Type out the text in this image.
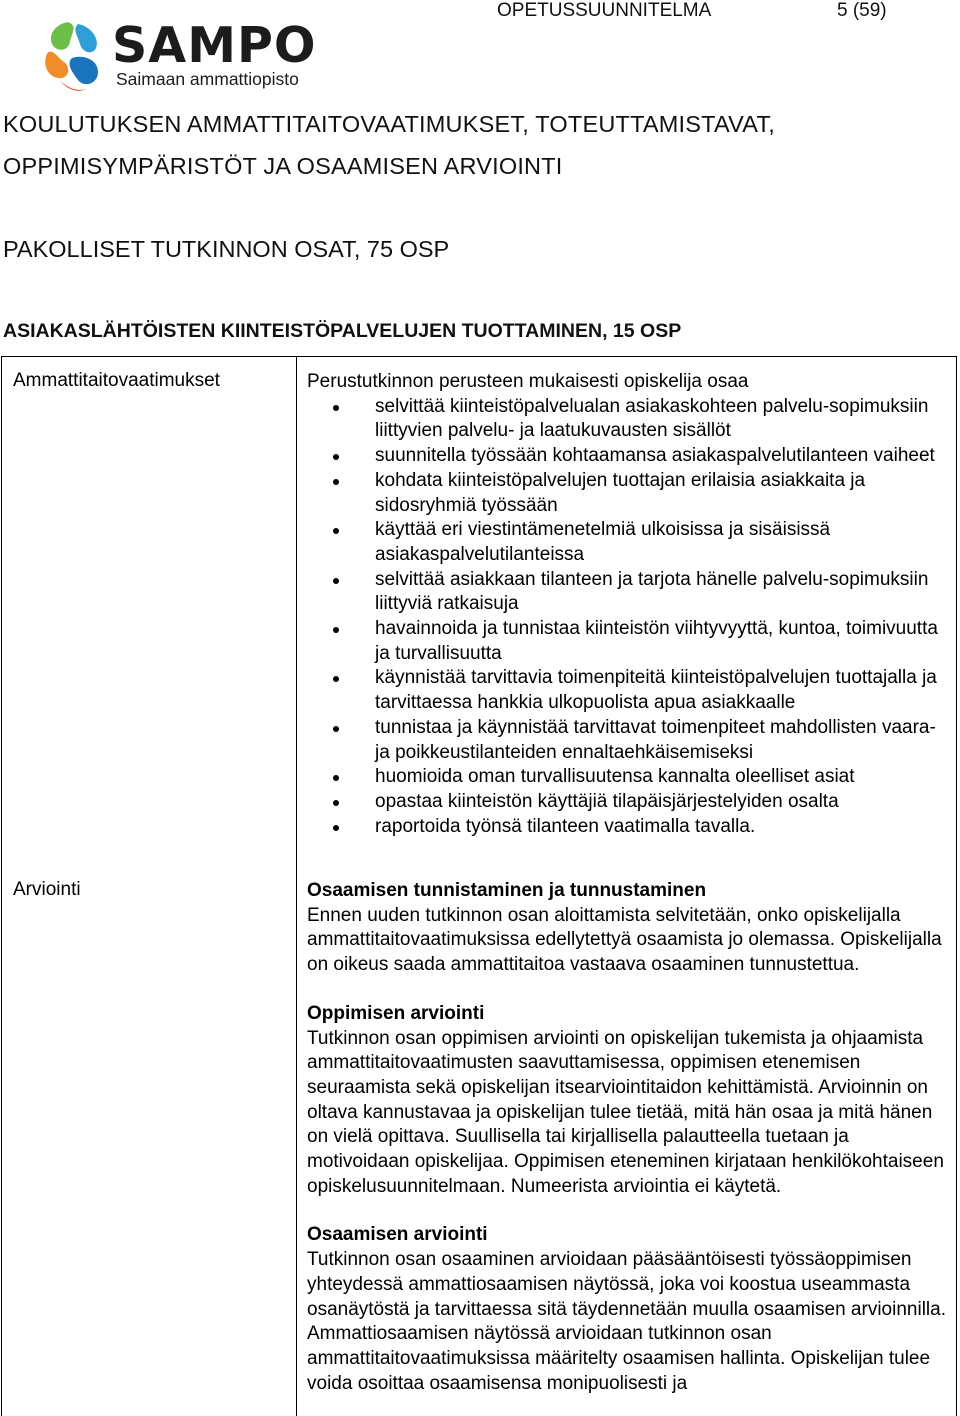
OPETUSSUUNNITELMA	5 (59)
SAMPO
Saimaan ammattiopisto
KOULUTUKSEN AMMATTITAITOVAATIMUKSET, TOTEUTTAMISTAVAT,
OPPIMISYMPÄRISTÖT JA OSAAMISEN ARVIOINTI
PAKOLLISET TUTKINNON OSAT, 75 OSP
ASIAKASLÄHTÖISTEN KIINTEISTÖPALVELUJEN TUOTTAMINEN, 15 OSP
Ammattitaitovaatimukset	Perustutkinnon perusteen mukaisesti opiskelija osaa

selvittää kiinteistöpalvelualan asiakaskohteen palvelu-sopimuksiin liittyvien palvelu- ja laatukuvausten sisällöt
suunnitella työssään kohtaamansa asiakaspalvelutilanteen vaiheet
kohdata kiinteistöpalvelujen tuottajan erilaisia asiakkaita ja sidosryhmiä työssään
käyttää eri viestintämenetelmiä ulkoisissa ja sisäisissä asiakaspalvelutilanteissa
selvittää asiakkaan tilanteen ja tarjota hänelle palvelu-sopimuksiin liittyviä ratkaisuja
havainnoida ja tunnistaa kiinteistön viihtyvyyttä, kuntoa, toimivuutta ja turvallisuutta
käynnistää tarvittavia toimenpiteitä kiinteistöpalvelujen tuottajalla ja tarvittaessa hankkia ulkopuolista apua asiakkaalle
tunnistaa ja käynnistää tarvittavat toimenpiteet mahdollisten vaara- ja poikkeustilanteiden ennaltaehkäisemiseksi
huomioida oman turvallisuutensa kannalta oleelliset asiat
opastaa kiinteistön käyttäjiä tilapäisjärjestelyiden osalta
raportoida työnsä tilanteen vaatimalla tavalla.
Arviointi	Osaamisen tunnistaminen ja tunnustaminen

Ennen uuden tutkinnon osan aloittamista selvitetään, onko opiskelijalla ammattitaitovaatimuksissa edellytettyä osaamista jo olemassa. Opiskelijalla on oikeus saada ammattitaitoa vastaava osaaminen tunnustettua.

Oppimisen arviointi

Tutkinnon osan oppimisen arviointi on opiskelijan tukemista ja ohjaamista ammattitaitovaatimusten saavuttamisessa, oppimisen etenemisen seuraamista sekä opiskelijan itsearviointitaidon kehittämistä. Arvioinnin on oltava kannustavaa ja opiskelijan tulee tietää, mitä hän osaa ja mitä hänen on vielä opittava. Suullisella tai kirjallisella palautteella tuetaan ja motivoidaan opiskelijaa. Oppimisen eteneminen kirjataan henkilökohtaiseen opiskelusuunnitelmaan. Numeerista arviointia ei käytetä.

Osaamisen arviointi

Tutkinnon osan osaaminen arvioidaan pääsääntöisesti työssäoppimisen yhteydessä ammattiosaamisen näytössä, joka voi koostua useammasta osanäytöstä ja tarvittaessa sitä täydennetään muulla osaamisen arvioinnilla. Ammattiosaamisen näytössä arvioidaan tutkinnon osan ammattitaitovaatimuksissa määritelty osaamisen hallinta. Opiskelijan tulee voida osoittaa osaamisensa monipuolisesti ja
